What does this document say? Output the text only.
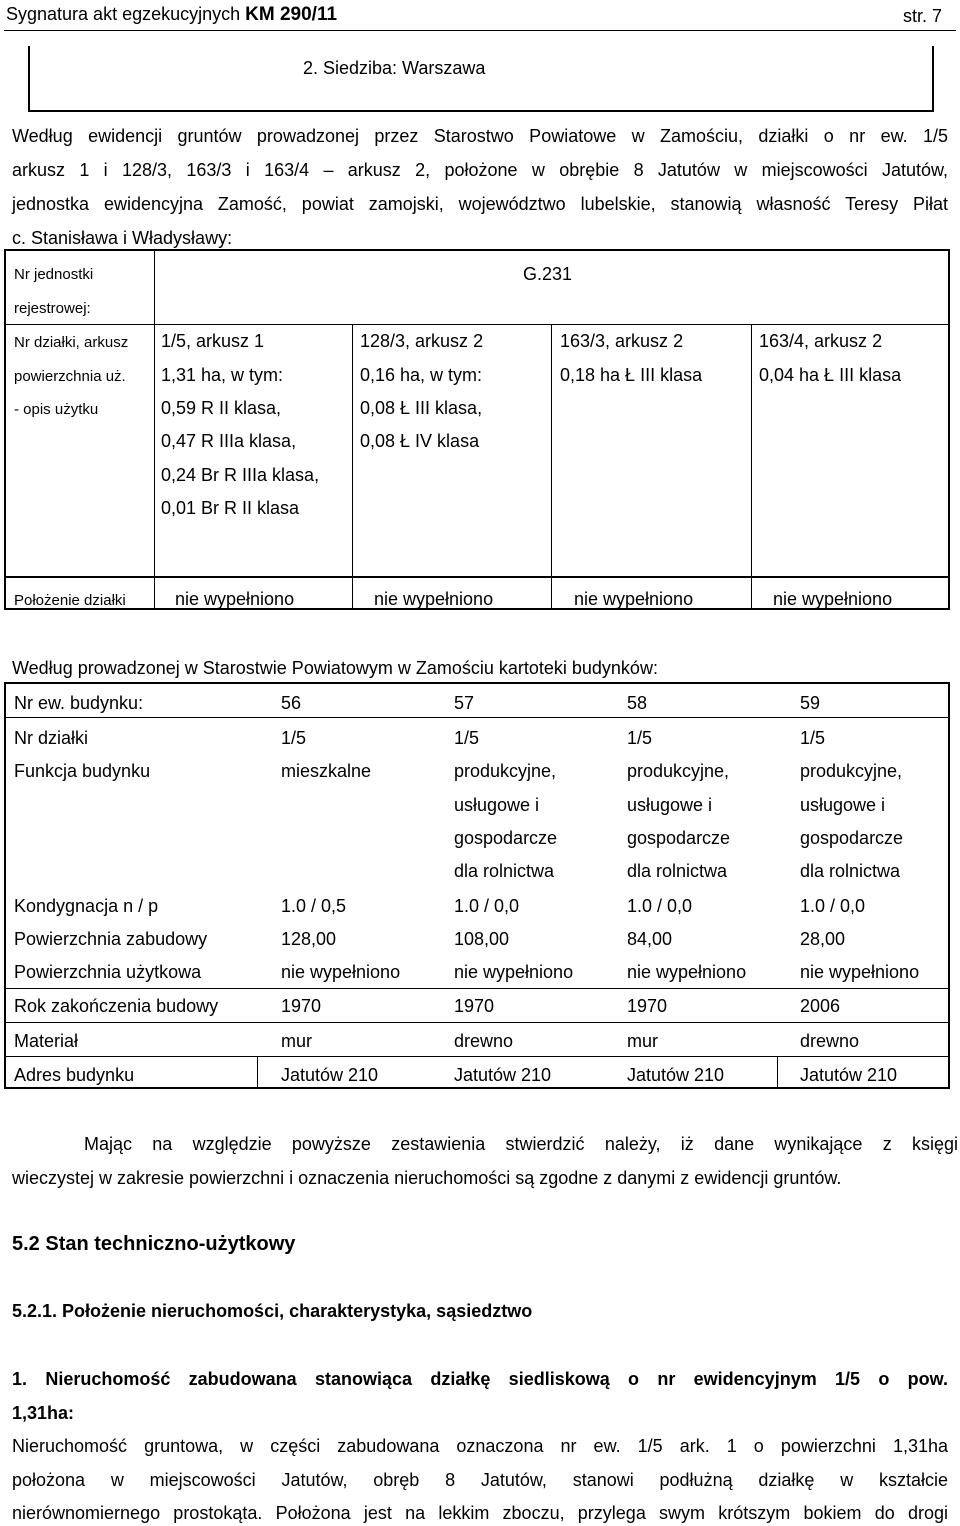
Sygnatura akt egzekucyjnych KM 290/11	str. 7
2. Siedziba: Warszawa
Według ewidencji gruntów prowadzonej przez Starostwo Powiatowe w Zamościu, działki o nr ew. 1/5
arkusz 1 i 128/3, 163/3 i 163/4 – arkusz 2, położone w obrębie 8 Jatutów w miejscowości Jatutów,
jednostka ewidencyjna Zamość, powiat zamojski, województwo lubelskie, stanowią własność Teresy Piłat
c. Stanisława i Władysławy:
Nr jednostki
rejestrowej:
G.231
Nr działki, arkusz
powierzchnia uż.
- opis użytku
Położenie działki
1/5, arkusz 1
1,31 ha, w tym:
0,59 R II klasa,
0,47 R IIIa klasa,
0,24 Br R IIIa klasa,
0,01 Br R II klasa
nie wypełniono
128/3, arkusz 2
0,16 ha, w tym:
0,08 Ł III klasa,
0,08 Ł IV klasa
nie wypełniono
163/3, arkusz 2
0,18 ha Ł III klasa
nie wypełniono
163/4, arkusz 2
0,04 ha Ł III klasa
nie wypełniono
Według prowadzonej w Starostwie Powiatowym w Zamościu kartoteki budynków:
Nr ew. budynku:
Nr działki
Funkcja budynku
Kondygnacja n / p
Powierzchnia zabudowy
Powierzchnia użytkowa
Rok zakończenia budowy
Materiał
Adres budynku
56
1/5
mieszkalne
1.0 / 0,5
128,00
nie wypełniono
1970
mur
Jatutów 210
57
1/5
produkcyjne,
usługowe i
gospodarcze
dla rolnictwa
1.0 / 0,0
108,00
nie wypełniono
1970
drewno
Jatutów 210
58
1/5
produkcyjne,
usługowe i
gospodarcze
dla rolnictwa
1.0 / 0,0
84,00
nie wypełniono
1970
mur
Jatutów 210
59
1/5
produkcyjne,
usługowe i
gospodarcze
dla rolnictwa
1.0 / 0,0
28,00
nie wypełniono
2006
drewno
Jatutów 210
Mając na względzie powyższe zestawienia stwierdzić należy, iż dane wynikające z księgi
wieczystej w zakresie powierzchni i oznaczenia nieruchomości są zgodne z danymi z ewidencji gruntów.
5.2 Stan techniczno-użytkowy
5.2.1. Położenie nieruchomości, charakterystyka, sąsiedztwo
1. Nieruchomość zabudowana stanowiąca działkę siedliskową o nr ewidencyjnym 1/5 o pow.
1,31ha:
Nieruchomość gruntowa, w części zabudowana oznaczona nr ew. 1/5 ark. 1 o powierzchni 1,31ha
położona w miejscowości Jatutów, obręb 8 Jatutów, stanowi podłużną działkę w kształcie
nierównomiernego prostokąta. Położona jest na lekkim zboczu, przylega swym krótszym bokiem do drogi
